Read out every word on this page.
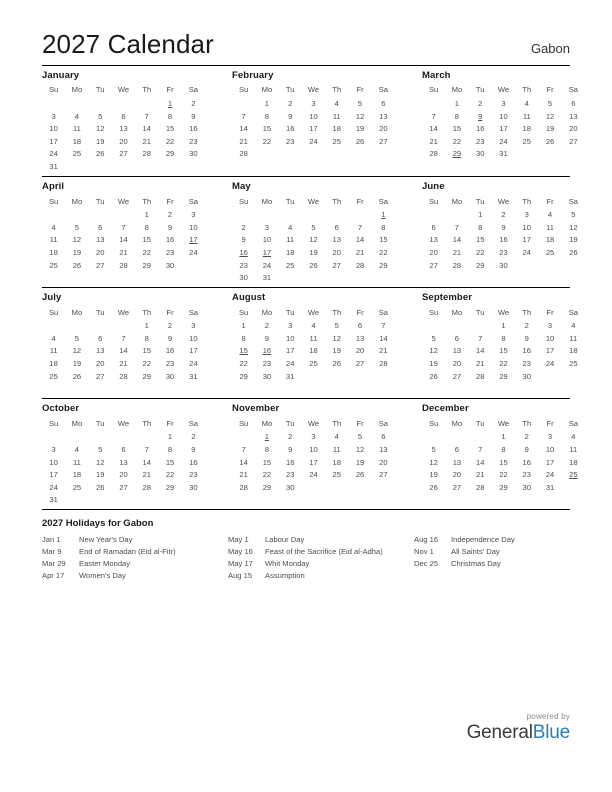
2027 Calendar	Gabon
January
Su	Mo	Tu	We	Th	Fr	Sa
					1	2
3	4	5	6	7	8	9
10	11	12	13	14	15	16
17	18	19	20	21	22	23
24	25	26	27	28	29	30
31						
February
Su	Mo	Tu	We	Th	Fr	Sa
	1	2	3	4	5	6
7	8	9	10	11	12	13
14	15	16	17	18	19	20
21	22	23	24	25	26	27
28						

March
Su	Mo	Tu	We	Th	Fr	Sa
	1	2	3	4	5	6
7	8	9	10	11	12	13
14	15	16	17	18	19	20
21	22	23	24	25	26	27
28	29	30	31			

April
Su	Mo	Tu	We	Th	Fr	Sa
				1	2	3
4	5	6	7	8	9	10
11	12	13	14	15	16	17
18	19	20	21	22	23	24
25	26	27	28	29	30	

May
Su	Mo	Tu	We	Th	Fr	Sa
						1
2	3	4	5	6	7	8
9	10	11	12	13	14	15
16	17	18	19	20	21	22
23	24	25	26	27	28	29
30	31					
June
Su	Mo	Tu	We	Th	Fr	Sa
		1	2	3	4	5
6	7	8	9	10	11	12
13	14	15	16	17	18	19
20	21	22	23	24	25	26
27	28	29	30			

July
Su	Mo	Tu	We	Th	Fr	Sa
				1	2	3
4	5	6	7	8	9	10
11	12	13	14	15	16	17
18	19	20	21	22	23	24
25	26	27	28	29	30	31

August
Su	Mo	Tu	We	Th	Fr	Sa
1	2	3	4	5	6	7
8	9	10	11	12	13	14
15	16	17	18	19	20	21
22	23	24	25	26	27	28
29	30	31				

September
Su	Mo	Tu	We	Th	Fr	Sa
			1	2	3	4
5	6	7	8	9	10	11
12	13	14	15	16	17	18
19	20	21	22	23	24	25
26	27	28	29	30		

October
Su	Mo	Tu	We	Th	Fr	Sa
					1	2
3	4	5	6	7	8	9
10	11	12	13	14	15	16
17	18	19	20	21	22	23
24	25	26	27	28	29	30
31						
November
Su	Mo	Tu	We	Th	Fr	Sa
	1	2	3	4	5	6
7	8	9	10	11	12	13
14	15	16	17	18	19	20
21	22	23	24	25	26	27
28	29	30				

December
Su	Mo	Tu	We	Th	Fr	Sa
			1	2	3	4
5	6	7	8	9	10	11
12	13	14	15	16	17	18
19	20	21	22	23	24	25
26	27	28	29	30	31	

2027 Holidays for Gabon
Jan 1	New Year's Day
Mar 9	End of Ramadan (Eid al-Fitr)
Mar 29	Easter Monday
Apr 17	Women's Day
May 1	Labour Day
May 16	Feast of the Sacrifice (Eid al-Adha)
May 17	Whit Monday
Aug 15	Assumption
Aug 16	Independence Day
Nov 1	All Saints' Day
Dec 25	Christmas Day
powered by
GeneralBlue
